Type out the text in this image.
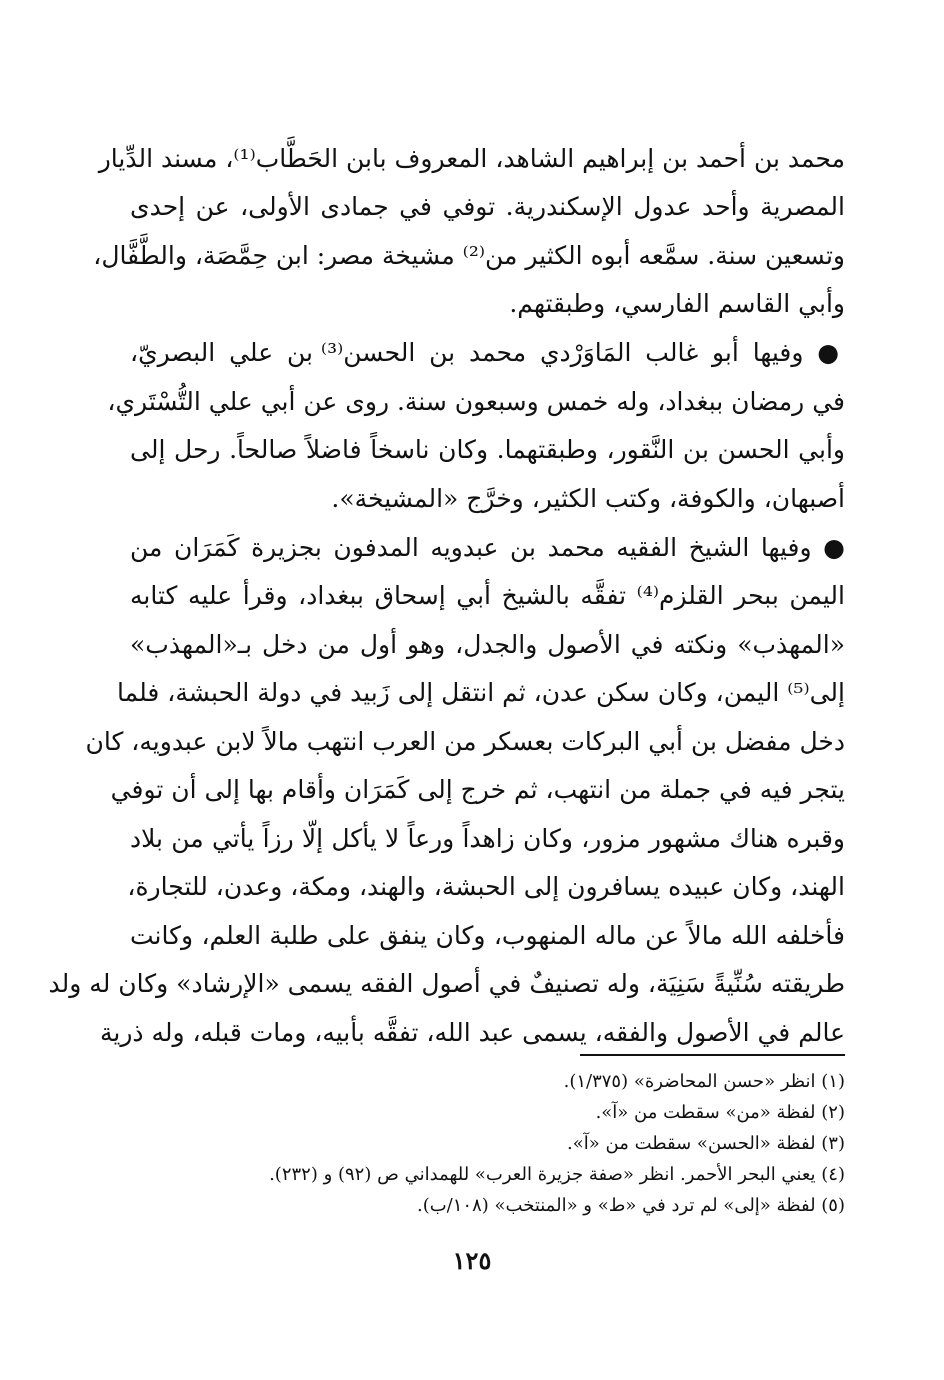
محمد بن أحمد بن إبراهيم الشاهد، المعروف بابن الحَطَّاب⁽¹⁾، مسند الدِّيار
المصرية وأحد عدول الإسكندرية. توفي في جمادى الأولى، عن إحدى
وتسعين سنة. سمَّعه أبوه الكثير من⁽²⁾ مشيخة مصر: ابن حِمَّصَة، والطَّفَّال،
وأبي القاسم الفارسي، وطبقتهم.
● وفيها أبو غالب المَاوَرْدي محمد بن الحسن⁽³⁾ بن علي البصريّ،
في رمضان ببغداد، وله خمس وسبعون سنة. روى عن أبي علي التُّسْتَري،
وأبي الحسن بن النَّقور، وطبقتهما. وكان ناسخاً فاضلاً صالحاً. رحل إلى
أصبهان، والكوفة، وكتب الكثير، وخرَّج «المشيخة».
● وفيها الشيخ الفقيه محمد بن عبدويه المدفون بجزيرة كَمَرَان من
اليمن ببحر القلزم⁽⁴⁾ تفقَّه بالشيخ أبي إسحاق ببغداد، وقرأ عليه كتابه
«المهذب» ونكته في الأصول والجدل، وهو أول من دخل بـ«المهذب»
إلى⁽⁵⁾ اليمن، وكان سكن عدن، ثم انتقل إلى زَبيد في دولة الحبشة، فلما
دخل مفضل بن أبي البركات بعسكر من العرب انتهب مالاً لابن عبدويه، كان
يتجر فيه في جملة من انتهب، ثم خرج إلى كَمَرَان وأقام بها إلى أن توفي
وقبره هناك مشهور مزور، وكان زاهداً ورعاً لا يأكل إلّا رزاً يأتي من بلاد
الهند، وكان عبيده يسافرون إلى الحبشة، والهند، ومكة، وعدن، للتجارة،
فأخلفه الله مالاً عن ماله المنهوب، وكان ينفق على طلبة العلم، وكانت
طريقته سُنِّيةً سَنِيَة، وله تصنيفٌ في أصول الفقه يسمى «الإرشاد» وكان له ولد
عالم في الأصول والفقه، يسمى عبد الله، تفقَّه بأبيه، ومات قبله، وله ذرية
(١) انظر «حسن المحاضرة» (١/٣٧٥).
(٢) لفظة «من» سقطت من «آ».
(٣) لفظة «الحسن» سقطت من «آ».
(٤) يعني البحر الأحمر. انظر «صفة جزيرة العرب» للهمداني ص (٩٢) و (٢٣٢).
(٥) لفظة «إلى» لم ترد في «ط» و «المنتخب» (١٠٨/ب).
١٢٥
